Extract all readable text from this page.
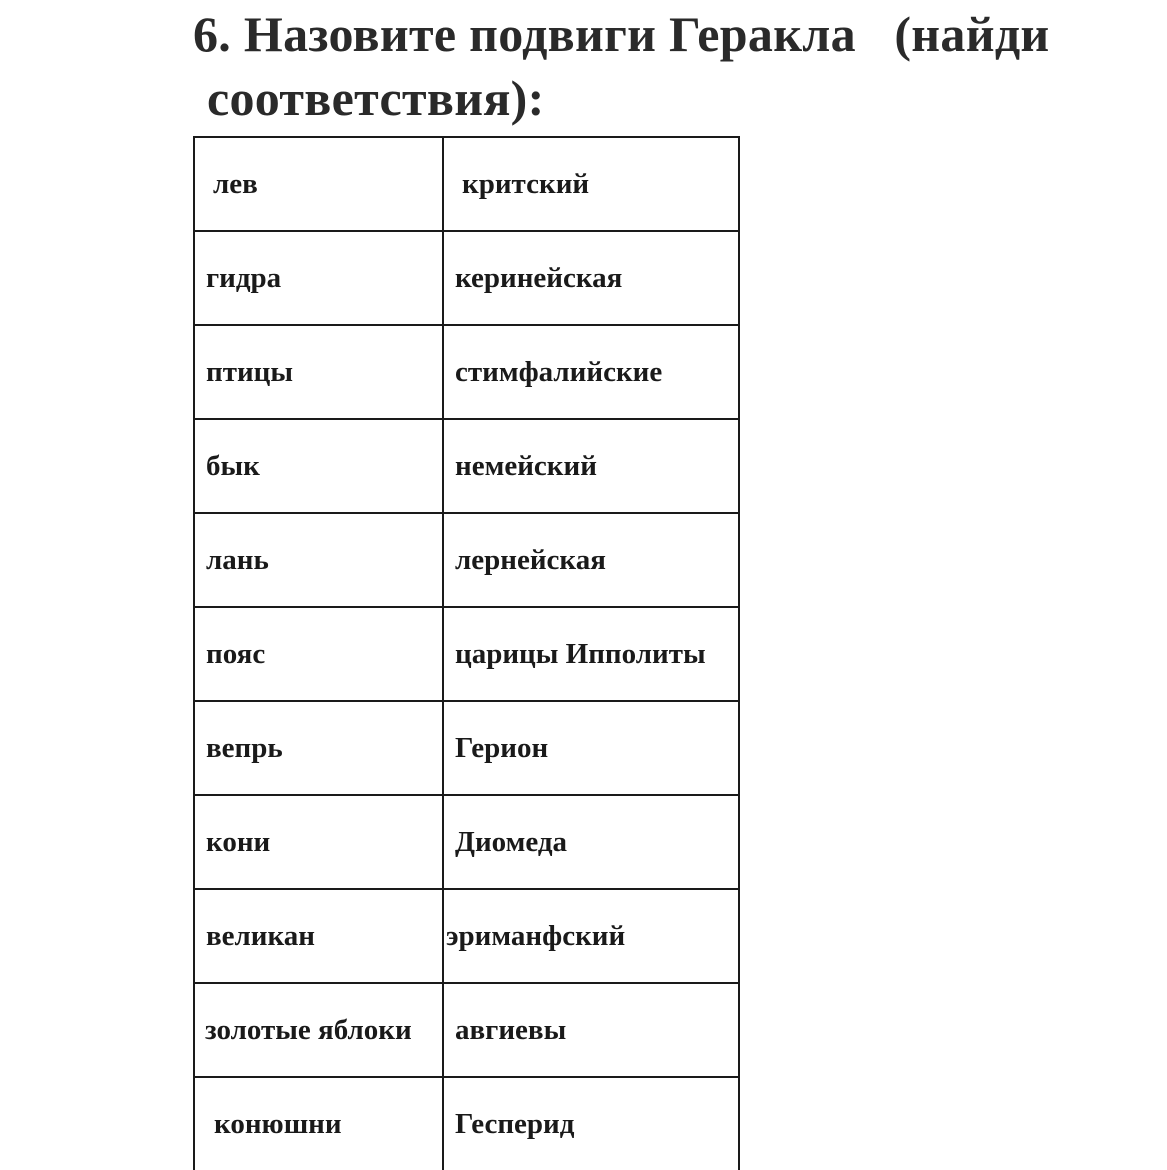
6. Назовите подвиги Геракла   (найди
соответствия):
лев	критский
гидра	керинейская
птицы	стимфалийские
бык	немейский
лань	лернейская
пояс	царицы Ипполиты
вепрь	Герион
кони	Диомеда
великан	эриманфский
золотые яблоки	авгиевы
конюшни	Гесперид
